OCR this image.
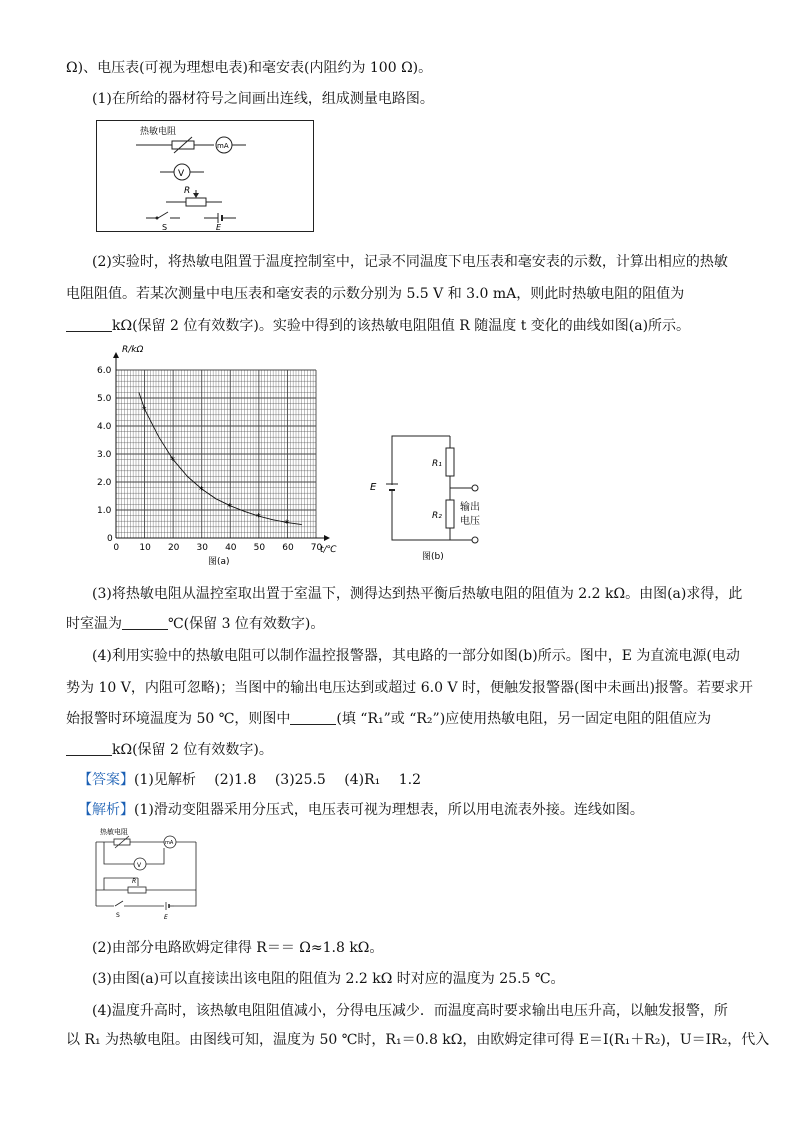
Ω)、电压表(可视为理想电表)和毫安表(内阻约为 100 Ω)。
(1)在所给的器材符号之间画出连线，组成测量电路图。
热敏电阻
mA
V
R
S	E
(2)实验时，将热敏电阻置于温度控制室中，记录不同温度下电压表和毫安表的示数，计算出相应的热敏
电阻阻值。若某次测量中电压表和毫安表的示数分别为 5.5 V 和 3.0 mA，则此时热敏电阻的阻值为
kΩ(保留 2 位有效数字)。实验中得到的该热敏电阻阻值 R 随温度 t 变化的曲线如图(a)所示。
R/kΩ
t/℃
图(a)
0 10 20 30 40 50 60 70
0
1.0
2.0
3.0
4.0
5.0
6.0
*
*
*
*
*
*
E
R₁
R₂
输出
电压
图(b)
(3)将热敏电阻从温控室取出置于室温下，测得达到热平衡后热敏电阻的阻值为 2.2 kΩ。由图(a)求得，此
时室温为	℃(保留 3 位有效数字)。
(4)利用实验中的热敏电阻可以制作温控报警器，其电路的一部分如图(b)所示。图中，E 为直流电源(电动
势为 10 V，内阻可忽略)；当图中的输出电压达到或超过 6.0 V 时，便触发报警器(图中未画出)报警。若要求开
始报警时环境温度为 50 ℃，则图中	(填 “R₁”或 “R₂”)应使用热敏电阻，另一固定电阻的阻值应为
kΩ(保留 2 位有效数字)。
【答案】(1)见解析　 (2)1.8　 (3)25.5　 (4)R₁　 1.2
【解析】(1)滑动变阻器采用分压式，电压表可视为理想表，所以用电流表外接。连线如图。
热敏电阻
mA
V
R
S	E
(2)由部分电路欧姆定律得 R＝＝ Ω≈1.8 kΩ。
(3)由图(a)可以直接读出该电阻的阻值为 2.2 kΩ 时对应的温度为 25.5 ℃。
(4)温度升高时，该热敏电阻阻值减小，分得电压减少．而温度高时要求输出电压升高，以触发报警，所
以 R₁ 为热敏电阻。由图线可知，温度为 50 ℃时，R₁＝0.8 kΩ，由欧姆定律可得 E＝I(R₁＋R₂)，U＝IR₂，代入
